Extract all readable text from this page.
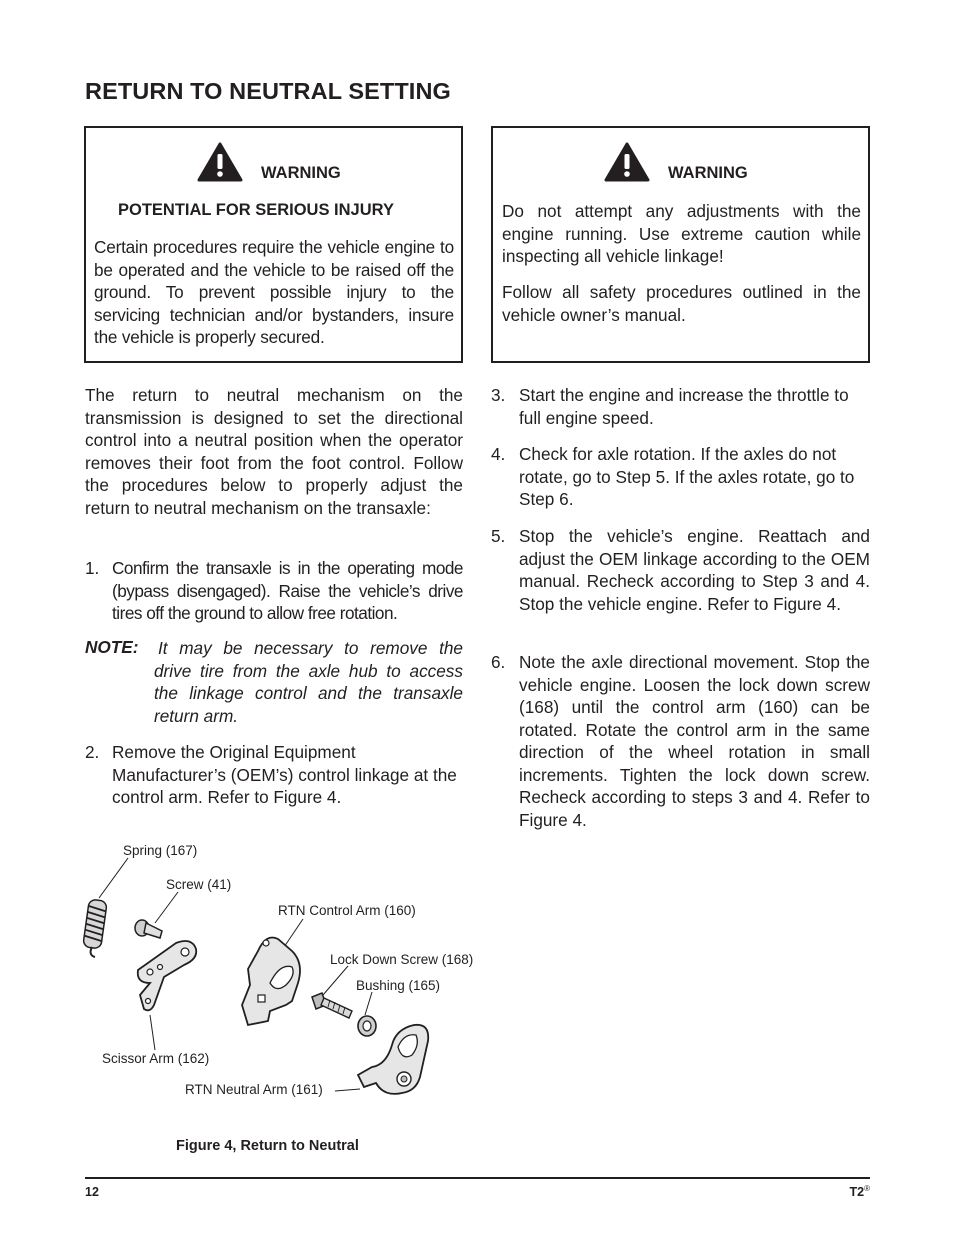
RETURN TO NEUTRAL SETTING
WARNING
POTENTIAL FOR SERIOUS INJURY
Certain procedures require the vehicle engine to be operated and the vehicle to be raised off the ground. To prevent possible injury to the servicing technician and/or bystanders, insure the vehicle is properly secured.
WARNING
Do not attempt any adjustments with the engine running. Use extreme caution while inspecting all vehicle linkage!
Follow all safety procedures outlined in the vehicle owner’s manual.
The return to neutral mechanism on the transmission is designed to set the directional control into a neutral position when the operator removes their foot from the foot control. Follow the procedures below to properly adjust the return to neutral mechanism on the transaxle:
1. Confirm the transaxle is in the operating mode (bypass disengaged). Raise the vehicle’s drive tires off the ground to allow free rotation.
NOTE: It may be necessary to remove the drive tire from the axle hub to access the linkage control and the transaxle return arm.
2. Remove the Original Equipment Manufacturer’s (OEM’s) control linkage at the control arm. Refer to Figure 4.
3. Start the engine and increase the throttle to full engine speed.
4. Check for axle rotation. If the axles do not rotate, go to Step 5. If the axles rotate, go to Step 6.
5. Stop the vehicle’s engine. Reattach and adjust the OEM linkage according to the OEM manual. Recheck according to Step 3 and 4. Stop the vehicle engine. Refer to Figure 4.
6. Note the axle directional movement. Stop the vehicle engine. Loosen the lock down screw (168) until the control arm (160) can be rotated. Rotate the control arm in the same direction of the wheel rotation in small increments. Tighten the lock down screw. Recheck according to steps 3 and 4. Refer to Figure 4.
Spring (167)
Screw (41)
RTN Control Arm (160)
Lock Down Screw (168)
Bushing (165)
Scissor Arm (162)
RTN Neutral Arm (161)
Figure 4, Return to Neutral
12	T2®
